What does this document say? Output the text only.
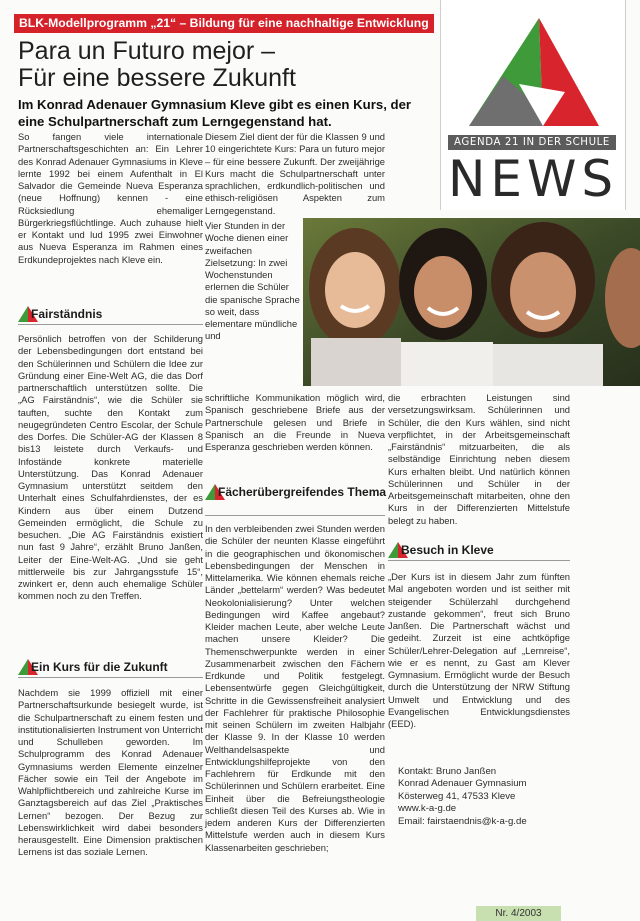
BLK-Modellprogramm „21“ – Bildung für eine nachhaltige Entwicklung
Para un Futuro mejor –
Für eine bessere Zukunft

Im Konrad Adenauer Gymnasium Kleve gibt es einen Kurs, der eine Schulpartnerschaft zum Lerngegenstand hat.

AGENDA 21 IN DER SCHULE
NEWS

So fangen viele internationale Partnerschaftsgeschichten an: Ein Lehrer des Konrad Adenauer Gymnasiums in Kleve lernte 1992 bei einem Aufenthalt in El Salvador die Gemeinde Nueva Esperanza (neue Hoffnung) kennen - eine Rücksiedlung ehemaliger Bürgerkriegsflüchtlinge. Auch zuhause hielt er Kontakt und lud 1995 zwei Einwohner aus Nueva Esperanza im Rahmen eines Erdkundeprojektes nach Kleve ein.

Fairständnis

Persönlich betroffen von der Schilderung der Lebensbedingungen dort entstand bei den Schülerinnen und Schülern die Idee zur Gründung einer Eine-Welt AG, die das Dorf partnerschaftlich unterstützen sollte. Die „AG Fairständnis“, wie die Schüler sie tauften, suchte den Kontakt zum neugegründeten Centro Escolar, der Schule des Dorfes. Die Schüler-AG der Klassen 8 bis13 leistete durch Verkaufs- und Infostände konkrete materielle Unterstützung. Das Konrad Adenauer Gymnasium unterstützt seitdem den Unterhalt eines Schulfahrdienstes, der es Kindern aus über einem Dutzend Gemeinden ermöglicht, die Schule zu besuchen. „Die AG Fairständnis existiert nun fast 9 Jahre“, erzählt Bruno Janßen, Leiter der Eine-Welt-AG. „Und sie geht mittlerweile bis zur Jahrgangsstufe 15“, zwinkert er, denn auch ehemalige Schüler kommen noch zu den Treffen.

Ein Kurs für die Zukunft

Nachdem sie 1999 offiziell mit einer Partnerschaftsurkunde besiegelt wurde, ist die Schulpartnerschaft zu einem festen und institutionalisierten Instrument von Unterricht und Schulleben geworden. Im Schulprogramm des Konrad Adenauer Gymnasiums werden Elemente einzelner Fächer sowie ein Teil der Angebote im Wahlpflichtbereich und zahlreiche Kurse im Ganztagsbereich auf das Ziel „Praktisches Lernen“ bezogen. Der Bezug zur Lebenswirklichkeit wird dabei besonders herausgestellt. Eine Dimension praktischen Lernens ist das soziale Lernen.

Diesem Ziel dient der für die Klassen 9 und 10 eingerichtete Kurs: Para un futuro mejor – für eine bessere Zukunft. Der zweijährige Kurs macht die Schulpartnerschaft unter sprachlichen, erdkundlich-politischen und ethisch-religiösen Aspekten zum Lerngegenstand.

Vier Stunden in der Woche dienen einer zweifachen Zielsetzung: In zwei Wochenstunden erlernen die Schüler die spanische Sprache so weit, dass elementare mündliche und

schriftliche Kommunikation möglich wird, Spanisch geschriebene Briefe aus der Partnerschule gelesen und Briefe in Spanisch an die Freunde in Nueva Esperanza geschrieben werden können.

Fächerübergreifendes Thema

In den verbleibenden zwei Stunden werden die Schüler der neunten Klasse eingeführt in die geographischen und ökonomischen Lebensbedingungen der Menschen in Mittelamerika. Wie können ehemals reiche Länder „bettelarm“ werden? Was bedeutet Neokolonialisierung? Unter welchen Bedingungen wird Kaffee angebaut? Kleider machen Leute, aber welche Leute machen unsere Kleider? Die Themenschwerpunkte werden in einer Zusammenarbeit zwischen den Fächern Erdkunde und Politik festgelegt. Lebensentwürfe gegen Gleichgültigkeit, Schritte in die Gewissensfreiheit analysiert der Fachlehrer für praktische Philosophie mit seinen Schülern im zweiten Halbjahr der Klasse 9. In der Klasse 10 werden Welthandelsaspekte und Entwicklungshilfeprojekte von den Fachlehrern für Erdkunde mit den Schülerinnen und Schülern erarbeitet. Eine Einheit über die Befreiungstheologie schließt diesen Teil des Kurses ab. Wie in jedem anderen Kurs der Differenzierten Mittelstufe werden auch in diesem Kurs Klassenarbeiten geschrieben;

die erbrachten Leistungen sind versetzungswirksam. Schülerinnen und Schüler, die den Kurs wählen, sind nicht verpflichtet, in der Arbeitsgemeinschaft „Fairständnis“ mitzuarbeiten, die als selbständige Einrichtung neben diesem Kurs erhalten bleibt. Und natürlich können Schülerinnen und Schüler in der Arbeitsgemeinschaft mitarbeiten, ohne den Kurs in der Differenzierten Mittelstufe belegt zu haben.

Besuch in Kleve

„Der Kurs ist in diesem Jahr zum fünften Mal angeboten worden und ist seither mit steigender Schülerzahl durchgehend zustande gekommen“, freut sich Bruno Janßen. Die Partnerschaft wächst und gedeiht. Zurzeit ist eine achtköpfige Schüler/Lehrer-Delegation auf „Lernreise“, wie er es nennt, zu Gast am Klever Gymnasium. Ermöglicht wurde der Besuch durch die Unterstützung der NRW Stiftung Umwelt und Entwicklung und des Evangelischen Entwicklungsdienstes (EED).

Kontakt: Bruno Janßen
Konrad Adenauer Gymnasium
Kösterweg 41, 47533 Kleve
www.k-a-g.de
Email: fairstaendnis@k-a-g.de
Nr. 4/2003
